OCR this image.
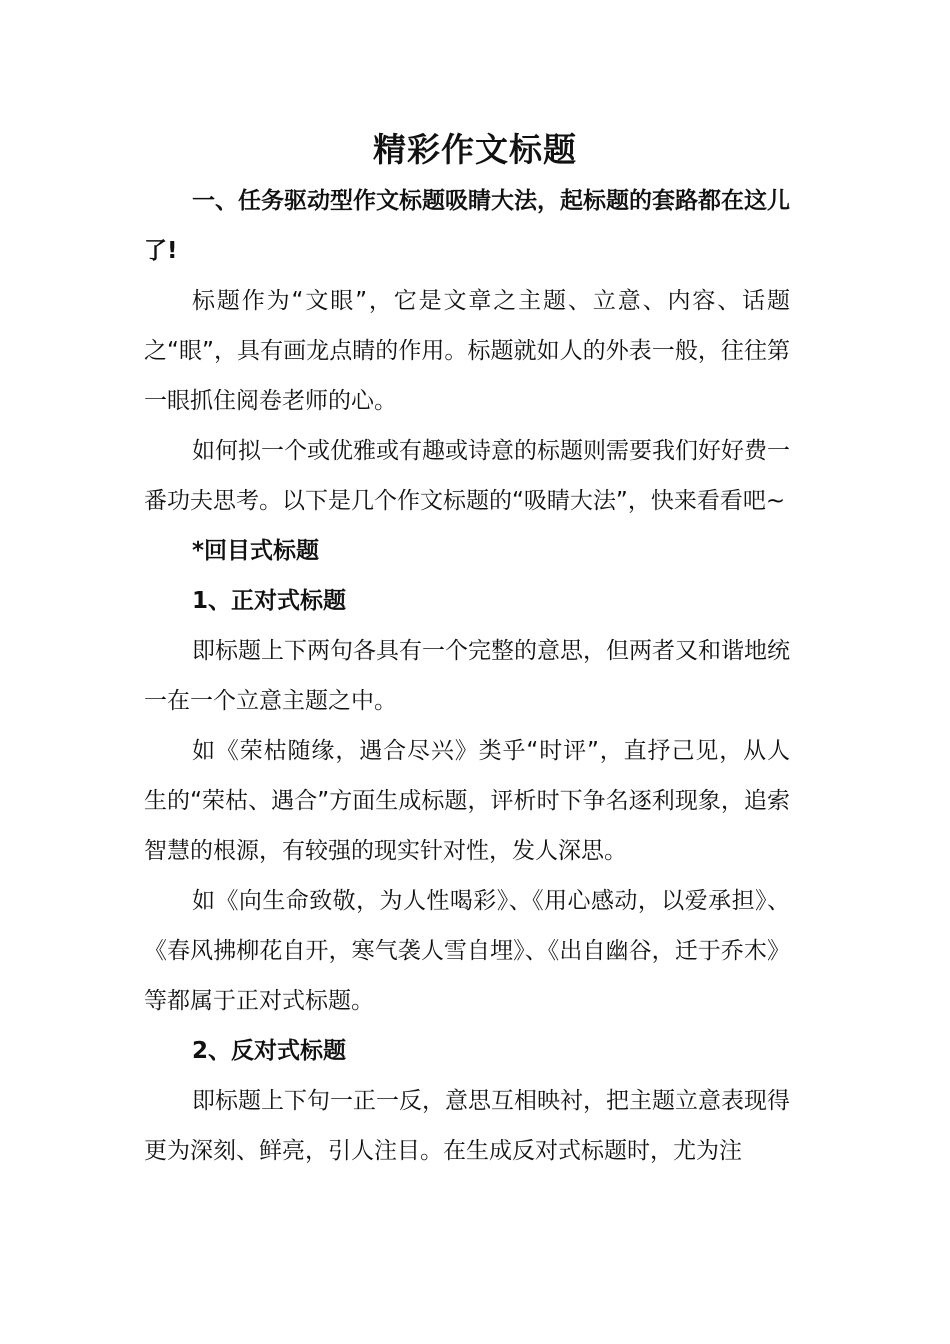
精彩作文标题

一、任务驱动型作文标题吸睛大法，起标题的套路都在这儿了!

标题作为“文眼”，它是文章之主题、立意、内容、话题之“眼”，具有画龙点睛的作用。标题就如人的外表一般，往往第一眼抓住阅卷老师的心。

如何拟一个或优雅或有趣或诗意的标题则需要我们好好费一番功夫思考。以下是几个作文标题的“吸睛大法”，快来看看吧~

*回目式标题

1、正对式标题

即标题上下两句各具有一个完整的意思，但两者又和谐地统一在一个立意主题之中。

如《荣枯随缘，遇合尽兴》类乎“时评”，直抒己见，从人生的“荣枯、遇合”方面生成标题，评析时下争名逐利现象，追索智慧的根源，有较强的现实针对性，发人深思。

如《向生命致敬，为人性喝彩》、《用心感动，以爱承担》、《春风拂柳花自开，寒气袭人雪自埋》、《出自幽谷，迁于乔木》等都属于正对式标题。

2、反对式标题

即标题上下句一正一反，意思互相映衬，把主题立意表现得更为深刻、鲜亮，引人注目。在生成反对式标题时，尤为注
